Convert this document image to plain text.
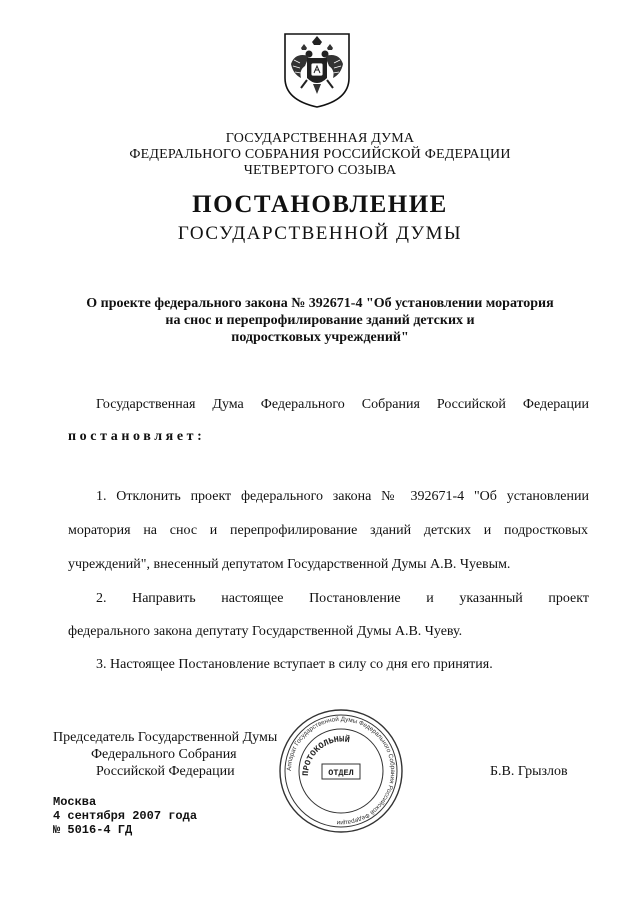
ГОСУДАРСТВЕННАЯ ДУМА
ФЕДЕРАЛЬНОГО СОБРАНИЯ РОССИЙСКОЙ ФЕДЕРАЦИИ
ЧЕТВЕРТОГО СОЗЫВА
ПОСТАНОВЛЕНИЕ
ГОСУДАРСТВЕННОЙ ДУМЫ
О проекте федерального закона № 392671-4 "Об установлении моратория
на снос и перепрофилирование зданий детских и
подростковых учреждений"
Государственная Дума Федерального Собрания Российской Федерации
постановляет:
1. Отклонить проект федерального закона № 392671-4 "Об установлении
моратория на снос и перепрофилирование зданий детских и подростковых
учреждений", внесенный депутатом Государственной Думы А.В. Чуевым.
2. Направить настоящее Постановление и указанный проект
федерального закона депутату Государственной Думы А.В. Чуеву.
3. Настоящее Постановление вступает в силу со дня его принятия.
Председатель Государственной Думы
Федерального Собрания
Российской Федерации	Б.В. Грызлов
Аппарат Государственной Думы Федерального Собрания Российской Федерации
ПРОТОКОЛЬНЫЙ
ОТДЕЛ
Москва
4 сентября 2007 года
№ 5016-4 ГД
